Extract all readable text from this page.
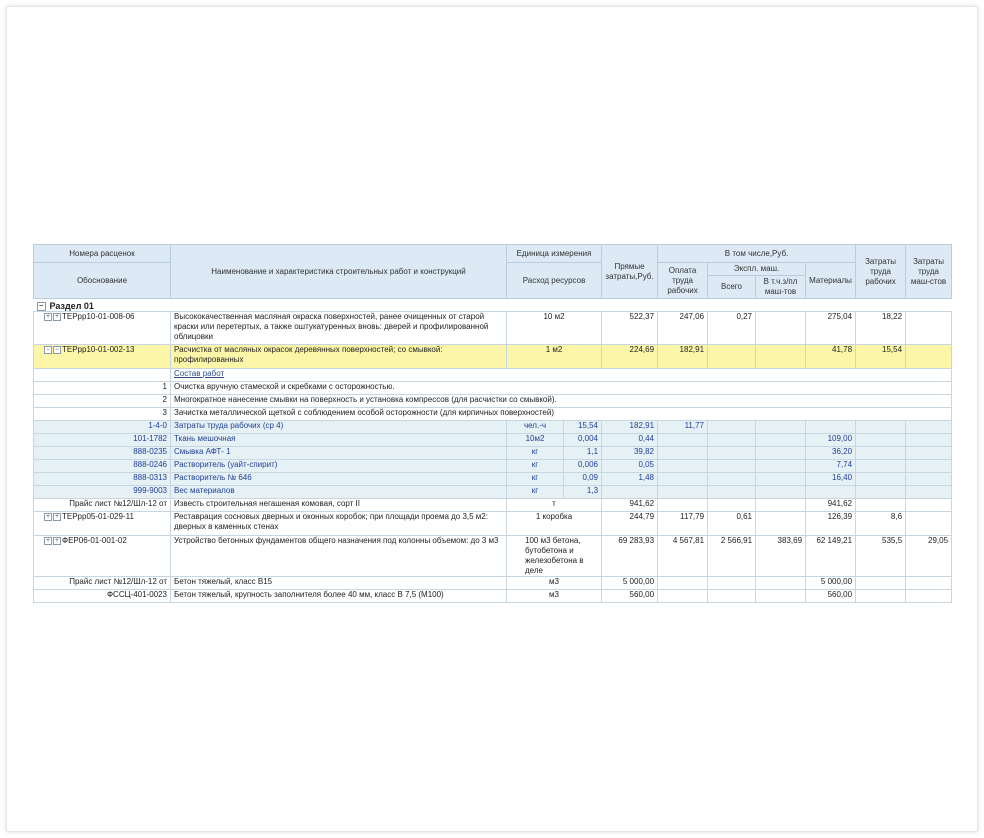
Номера расценок	Наименование и характеристика строительных работ и конструкций	Единица измерения		Прямые затраты,Руб.	В том числе,Руб.				Затраты труда рабочих	Затраты труда маш-стов
Обоснование		Расход ресурсов			Оплата труда рабочих	Экспл. маш.		Материалы		
						Всего	В т.ч.з/пл маш-тов			
− Раздел 01										
+ + ТЕРрр10-01-008-06	Высококачественная масляная окраска поверхностей, ранее очищенных от старой краски или перетертых, а также оштукатуренных вновь: дверей и профилированной облицовки	10 м2		522,37	247,06	0,27		275,04	18,22	
− − ТЕРрр10-01-002-13	Расчистка от масляных окрасок деревянных поверхностей; со смывкой: профилированных	1 м2		224,69	182,91			41,78	15,54	
	Состав работ									
1	Очистка вручную стамеской и скребками с осторожностью.									
2	Многократное нанесение смывки на поверхность и установка компрессов (для расчистки со смывкой).									
3	Зачистка металлической щеткой с соблюдением особой осторожности (для кирпичных поверхностей)									
1-4-0	Затраты труда рабочих (ср 4)	чел.-ч	15,54	182,91	11,77					
101-1782	Ткань мешочная	10м2	0,004	0,44				109,00		
888-0235	Смывка АФТ- 1	кг	1,1	39,82				36,20		
888-0246	Растворитель (уайт-спирит)	кг	0,006	0,05				7,74		
888-0313	Растворитель № 646	кг	0,09	1,48				16,40		
999-9003	Вес материалов	кг	1,3							
Прайс лист №12/Шл-12 от	Известь строительная негашеная комовая, сорт II	т		941,62				941,62		
+ + ТЕРрр05-01-029-11	Реставрация сосновых дверных и оконных коробок; при площади проема до 3,5 м2: дверных в каменных стенах	1 коробка		244,79	117,79	0,61		126,39	8,6	
+ + ФЕР06-01-001-02	Устройство бетонных фундаментов общего назначения под колонны объемом: до 3 м3	100 м3 бетона, бутобетона и железобетона в деле		69 283,93	4 567,81	2 566,91	383,69	62 149,21	535,5	29,05
Прайс лист №12/Шл-12 от	Бетон тяжелый, класс В15	м3		5 000,00				5 000,00		
ФССЦ-401-0023	Бетон тяжелый, крупность заполнителя более 40 мм, класс В 7,5 (М100)	м3		560,00				560,00		
